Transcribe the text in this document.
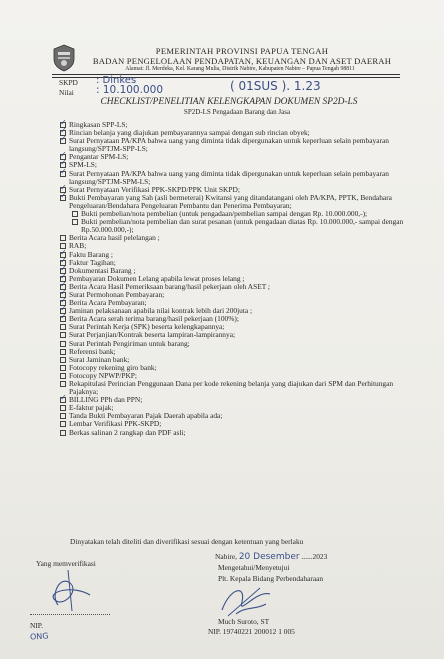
PEMERINTAH PROVINSI PAPUA TENGAH
BADAN PENGELOLAAN PENDAPATAN, KEUANGAN DAN ASET DAERAH
Alamat: Jl. Merdeka, Kel. Karang Mulia, Distrik Nabire, Kabupaten Nabire – Papua Tengah 98811
SKPD : Dinkes
Nilai : 10.100.000	( 01SUS ). 1.23
CHECKLIST/PENELITIAN KELENGKAPAN DOKUMEN SP2D-LS
SP2D-LS Pengadaan Barang dan Jasa
✓
Ringkasan SPP-LS;
✓
Rincian belanja yang diajukan pembayarannya sampai dengan sub rincian obyek;
✓
Surat Pernyataan PA/KPA bahwa uang yang diminta tidak dipergunakan untuk keperluan selain pembayaran langsung/SPTJM-SPP-LS;
✓
Pengantar SPM-LS;
✓
SPM-LS;
✓
Surat Pernyataan PA/KPA bahwa uang yang diminta tidak dipergunakan untuk keperluan selain pembayaran langsung/SPTJM-SPM-LS;
✓
Surat Pernyataan Verifikasi PPK-SKPD/PPK Unit SKPD;
✓
Bukti Pembayaran yang Sah (asli bermeterai) Kwitansi yang ditandatangani oleh PA/KPA, PPTK, Bendahara Pengeluaran/Bendahara Pengeluaran Pembantu dan Penerima Pembayaran;
Bukti pembelian/nota pembelian (untuk pengadaan/pembelian sampai dengan Rp. 10.000.000,-);
Bukti pembelian/nota pembelian dan surat pesanan (untuk pengadaan diatas Rp. 10.000.000,- sampai dengan Rp.50.000.000,-);
Berita Acara hasil pelelangan ;
RAB;
✓
Faktu Barang ;
✓
Faktur Tagihan;
✓
Dokumentasi Barang ;
✓
Pembayaran Dokumen Lelang apabila lewat proses lelang ;
✓
Berita Acara Hasil Pemeriksaan barang/hasil pekerjaan oleh ASET ;
✓
Surat Permohonan Pembayaran;
✓
Berita Acara Pembayaran;
✓
Jaminan pelaksanaan apabila nilai kontrak lebih dari 200juta ;
✓
Berita Acara serah terima barang/hasil pekerjaan (100%);
Surat Perintah Kerja (SPK) beserta kelengkapannya;
Surat Perjanjian/Kontrak beserta lampiran-lampirannya;
Surat Perintah Pengiriman untuk barang;
Referensi bank;
Surat Jaminan bank;
Fotocopy rekening giro bank;
Fotocopy NPWP/PKP;
Rekapitulasi Perincian Penggunaan Dana per kode rekening belanja yang diajukan dari SPM dan Perhitungan Pajaknya;
✓
BILLING PPh dan PPN;
E-faktur pajak;
Tanda Bukti Pembayaran Pajak Daerah apabila ada;
Lembar Verifikasi PPK-SKPD;
Berkas salinan 2 rangkap dan PDF asli;
Dinyatakan telah diteliti dan diverifikasi sesuai dengan ketentuan yang berlaku
Yang memverifikasi
Nabire, 20 Desember ......2023
Mengetahui/Menyetujui
Plt. Kepala Bidang Perbendaharaan
Much Suroto, ST
NIP. 19740221 200012 1 005
NIP.
ONG
